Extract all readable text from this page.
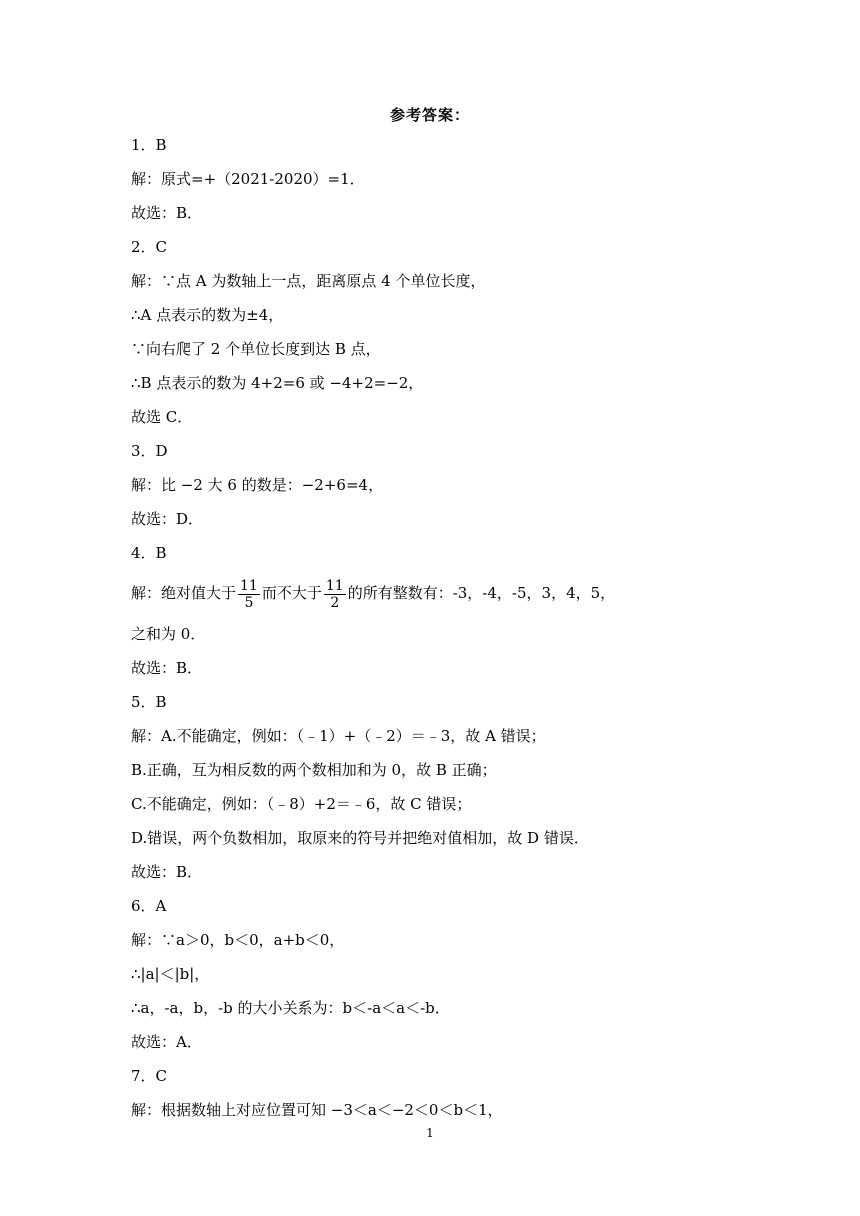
参考答案：
1．B
解：原式=+（2021-2020）=1．
故选：B．
2．C
解：∵点 A 为数轴上一点，距离原点 4 个单位长度，
∴A 点表示的数为±4，
∵向右爬了 2 个单位长度到达 B 点，
∴B 点表示的数为 4+2=6 或 −4+2=−2，
故选 C．
3．D
解：比 −2 大 6 的数是：−2+6=4，
故选：D．
4．B
解：绝对值大于 $\frac{11}{5}$ 而不大于 $\frac{11}{2}$ 的所有整数有：-3，-4，-5，3，4，5，
之和为 0．
故选：B．
5．B
解：A.不能确定，例如：（﹣1）+（﹣2）＝﹣3，故 A 错误；
B.正确，互为相反数的两个数相加和为 0，故 B 正确；
C.不能确定，例如：（﹣8）+2＝﹣6，故 C 错误；
D.错误，两个负数相加，取原来的符号并把绝对值相加，故 D 错误．
故选：B．
6．A
解：∵a＞0，b＜0，a+b＜0，
∴|a|＜|b|，
∴a，-a，b，-b 的大小关系为：b＜-a＜a＜-b．
故选：A．
7．C
解：根据数轴上对应位置可知 −3＜a＜−2＜0＜b＜1，
1
